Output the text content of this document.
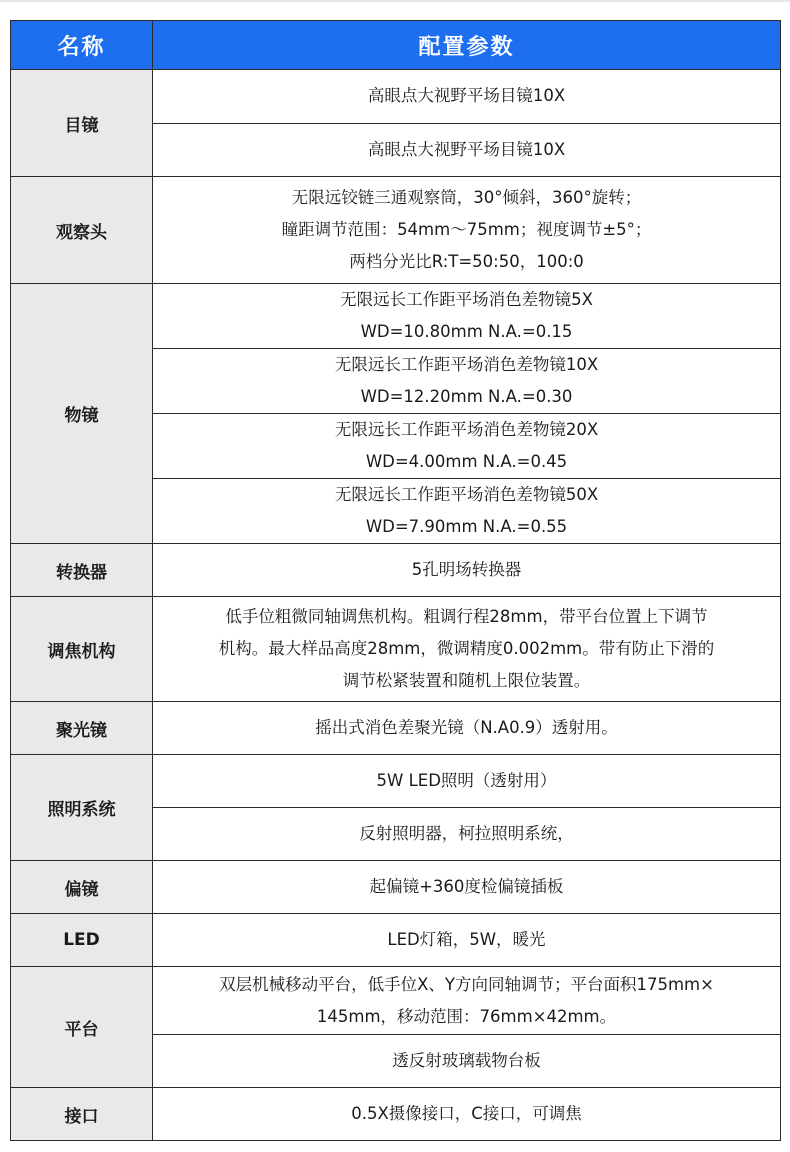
名称	配置参数
目镜	高眼点大视野平场目镜10X
	高眼点大视野平场目镜10X
观察头	无限远铰链三通观察筒，30°倾斜，360°旋转；
瞳距调节范围：54mm～75mm；视度调节±5°；
两档分光比R:T=50:50，100:0

物镜	无限远长工作距平场消色差物镜5X
WD=10.80mm N.A.=0.15

	无限远长工作距平场消色差物镜10X
WD=12.20mm N.A.=0.30

	无限远长工作距平场消色差物镜20X
WD=4.00mm N.A.=0.45

	无限远长工作距平场消色差物镜50X
WD=7.90mm N.A.=0.55

转换器	5孔明场转换器
调焦机构	低手位粗微同轴调焦机构。粗调行程28mm，带平台位置上下调节
机构。最大样品高度28mm，微调精度0.002mm。带有防止下滑的
调节松紧装置和随机上限位装置。

聚光镜	摇出式消色差聚光镜（N.A0.9）透射用。
照明系统	5W LED照明（透射用）
	反射照明器，柯拉照明系统，
偏镜	起偏镜+360度检偏镜插板
LED	LED灯箱，5W，暖光
平台	双层机械移动平台，低手位X、Y方向同轴调节；平台面积175mm×
145mm，移动范围：76mm×42mm。

	透反射玻璃载物台板
接口	0.5X摄像接口，C接口，可调焦
